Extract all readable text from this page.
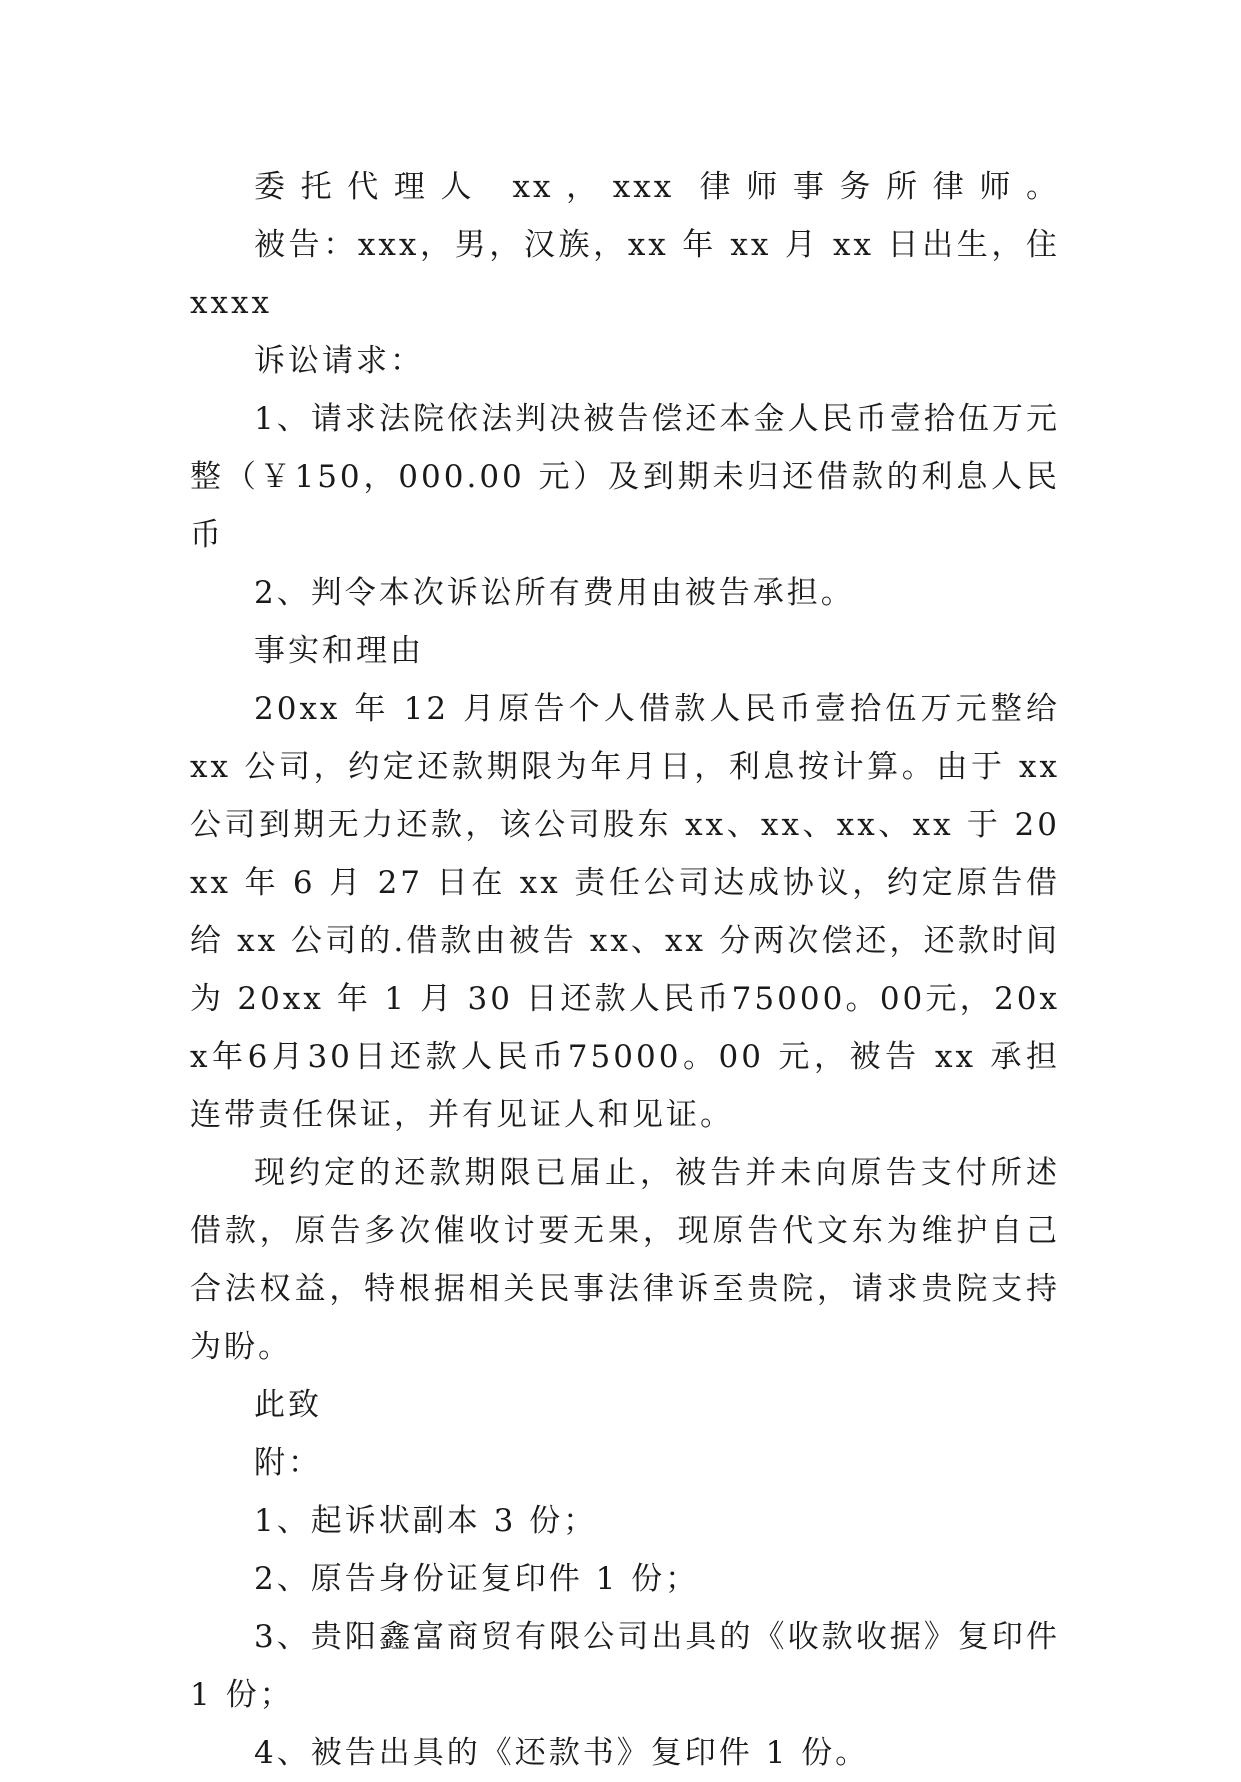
委托代理人 xx，xxx 律师事务所律师。

被告：xxx，男，汉族，xx 年 xx 月 xx 日出生，住 xxxx

诉讼请求：

1、请求法院依法判决被告偿还本金人民币壹拾伍万元整（￥150，000.00 元）及到期未归还借款的利息人民币

2、判令本次诉讼所有费用由被告承担。

事实和理由

20xx 年 12 月原告个人借款人民币壹拾伍万元整给 xx 公司，约定还款期限为年月日，利息按计算。由于 xx 公司到期无力还款，该公司股东 xx、xx、xx、xx 于 20xx 年 6 月 27 日在 xx 责任公司达成协议，约定原告借给 xx 公司的.借款由被告 xx、xx 分两次偿还，还款时间为 20xx 年 1 月 30 日还款人民币75000。00元，20xx年6月30日还款人民币75000。00 元，被告 xx 承担连带责任保证，并有见证人和见证。

现约定的还款期限已届止，被告并未向原告支付所述借款，原告多次催收讨要无果，现原告代文东为维护自己合法权益，特根据相关民事法律诉至贵院，请求贵院支持为盼。

此致

附：

1、起诉状副本 3 份；

2、原告身份证复印件 1 份；

3、贵阳鑫富商贸有限公司出具的《收款收据》复印件 1 份；

4、被告出具的《还款书》复印件 1 份。
